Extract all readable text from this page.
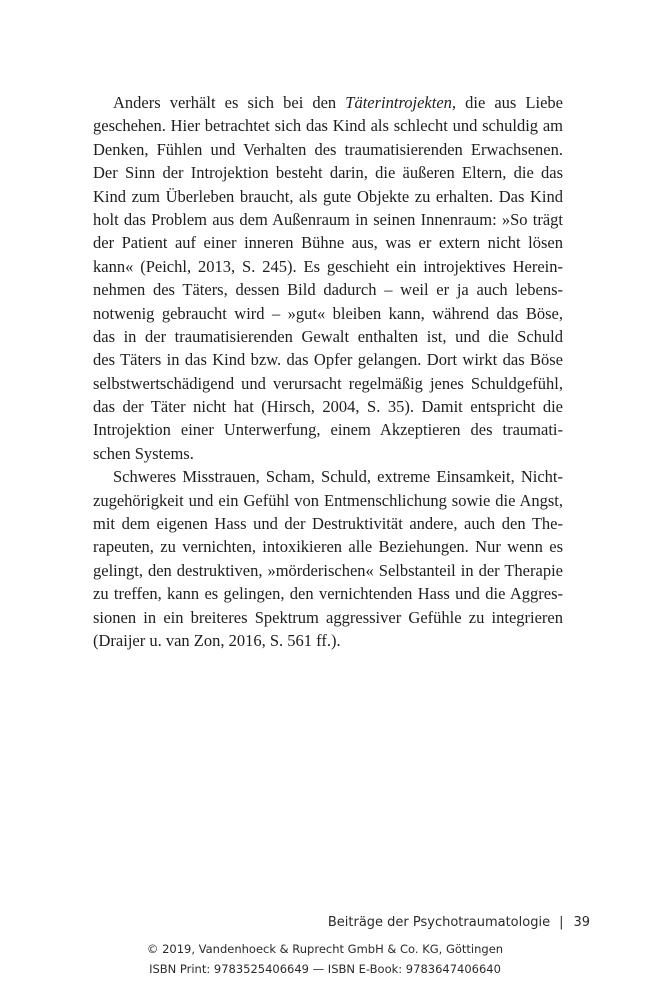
Anders verhält es sich bei den Täterintrojekten, die aus Liebe
geschehen. Hier betrachtet sich das Kind als schlecht und schuldig am
Denken, Fühlen und Verhalten des traumatisierenden Erwachsenen.
Der Sinn der Introjektion besteht darin, die äußeren Eltern, die das
Kind zum Überleben braucht, als gute Objekte zu erhalten. Das Kind
holt das Problem aus dem Außenraum in seinen Innenraum: »So trägt
der Patient auf einer inneren Bühne aus, was er extern nicht lösen
kann« (Peichl, 2013, S. 245). Es geschieht ein introjektives Herein-
nehmen des Täters, dessen Bild dadurch – weil er ja auch lebens-
notwenig gebraucht wird – »gut« bleiben kann, während das Böse,
das in der traumatisierenden Gewalt enthalten ist, und die Schuld
des Täters in das Kind bzw. das Opfer gelangen. Dort wirkt das Böse
selbstwertschädigend und verursacht regelmäßig jenes Schuldgefühl,
das der Täter nicht hat (Hirsch, 2004, S. 35). Damit entspricht die
Introjektion einer Unterwerfung, einem Akzeptieren des traumati-
schen Systems.
Schweres Misstrauen, Scham, Schuld, extreme Einsamkeit, Nicht-
zugehörigkeit und ein Gefühl von Entmenschlichung sowie die Angst,
mit dem eigenen Hass und der Destruktivität andere, auch den The-
rapeuten, zu vernichten, intoxikieren alle Beziehungen. Nur wenn es
gelingt, den destruktiven, »mörderischen« Selbstanteil in der Therapie
zu treffen, kann es gelingen, den vernichtenden Hass und die Aggres-
sionen in ein breiteres Spektrum aggressiver Gefühle zu integrieren
(Draijer u. van Zon, 2016, S. 561 ff.).
Beiträge der Psychotraumatologie | 39
© 2019, Vandenhoeck & Ruprecht GmbH & Co. KG, Göttingen
ISBN Print: 9783525406649 — ISBN E-Book: 9783647406640
